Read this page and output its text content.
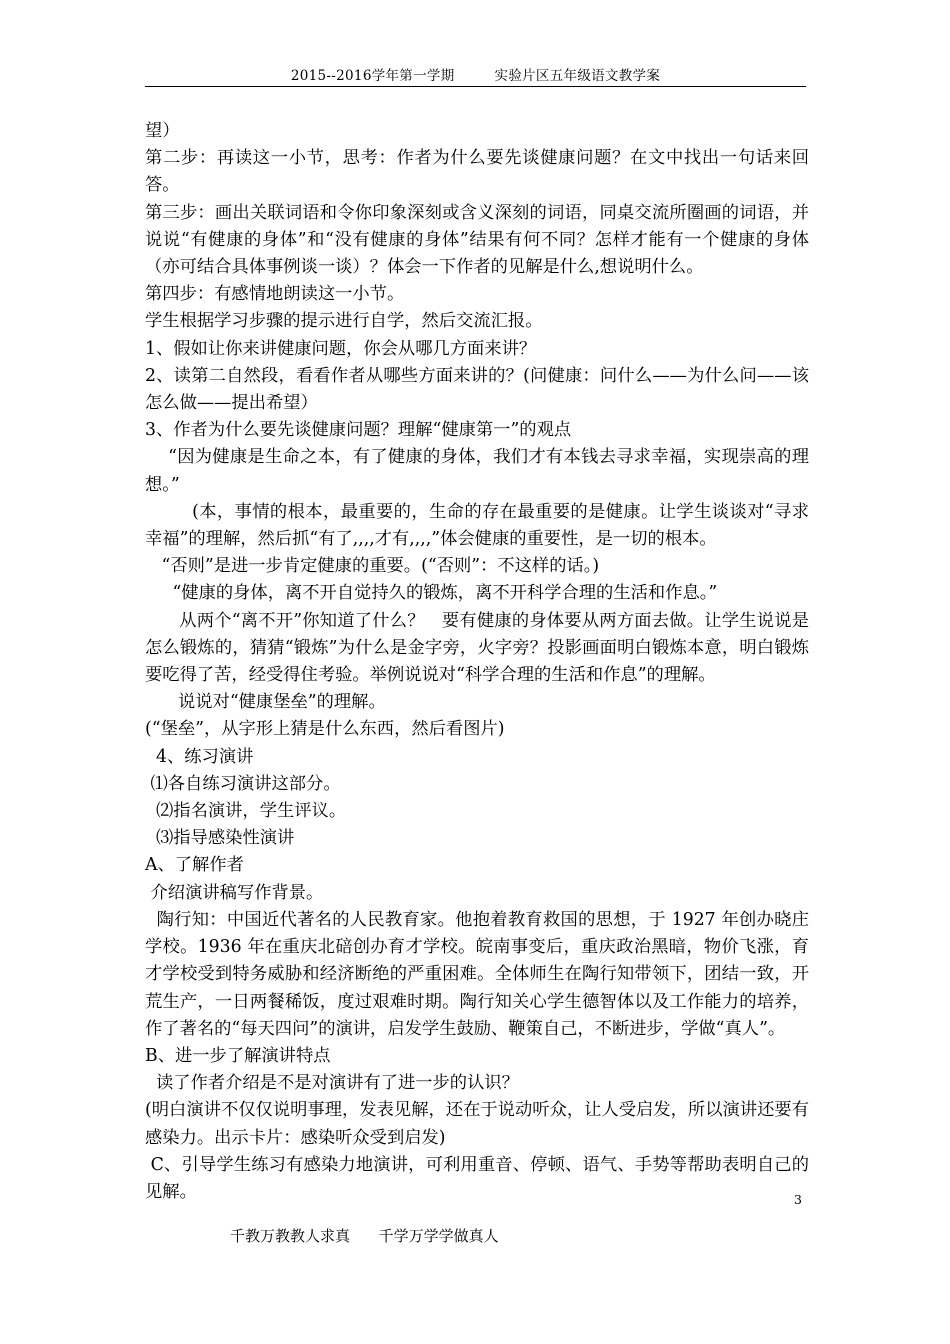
2015--2016学年第一学期	实验片区五年级语文教学案

望）

第二步：再读这一小节，思考：作者为什么要先谈健康问题？在文中找出一句话来回答。

第三步：画出关联词语和令你印象深刻或含义深刻的词语，同桌交流所圈画的词语，并说说“有健康的身体”和“没有健康的身体”结果有何不同？怎样才能有一个健康的身体（亦可结合具体事例谈一谈）？体会一下作者的见解是什么,想说明什么。

第四步：有感情地朗读这一小节。

学生根据学习步骤的提示进行自学，然后交流汇报。

1、假如让你来讲健康问题，你会从哪几方面来讲？

2、读第二自然段，看看作者从哪些方面来讲的？(问健康：问什么——为什么问——该怎么做——提出希望）

3、作者为什么要先谈健康问题？理解“健康第一”的观点

“因为健康是生命之本，有了健康的身体，我们才有本钱去寻求幸福，实现崇高的理想。”

(本，事情的根本，最重要的，生命的存在最重要的是健康。让学生谈谈对“寻求幸福”的理解，然后抓“有了,,,,才有,,,,”体会健康的重要性，是一切的根本。

“否则”是进一步肯定健康的重要。(“否则”：不这样的话。)

“健康的身体，离不开自觉持久的锻炼，离不开科学合理的生活和作息。”

从两个“离不开”你知道了什么？   要有健康的身体要从两方面去做。让学生说说是怎么锻炼的，猜猜“锻炼”为什么是金字旁，火字旁？投影画面明白锻炼本意，明白锻炼要吃得了苦，经受得住考验。举例说说对“科学合理的生活和作息”的理解。

说说对“健康堡垒”的理解。

(“堡垒”，从字形上猜是什么东西，然后看图片)

4、练习演讲

⑴各自练习演讲这部分。

⑵指名演讲，学生评议。

⑶指导感染性演讲

A、了解作者

介绍演讲稿写作背景。

陶行知：中国近代著名的人民教育家。他抱着教育救国的思想，于 1927 年创办晓庄学校。1936 年在重庆北碚创办育才学校。皖南事变后，重庆政治黑暗，物价飞涨，育才学校受到特务威胁和经济断绝的严重困难。全体师生在陶行知带领下，团结一致，开荒生产，一日两餐稀饭，度过艰难时期。陶行知关心学生德智体以及工作能力的培养，作了著名的“每天四问”的演讲，启发学生鼓励、鞭策自己，不断进步，学做“真人”。

B、进一步了解演讲特点

读了作者介绍是不是对演讲有了进一步的认识？

(明白演讲不仅仅说明事理，发表见解，还在于说动听众，让人受启发，所以演讲还要有感染力。出示卡片：感染听众受到启发)

C、引导学生练习有感染力地演讲，可利用重音、停顿、语气、手势等帮助表明自己的见解。	3
千教万教教人求真 千学万学学做真人
